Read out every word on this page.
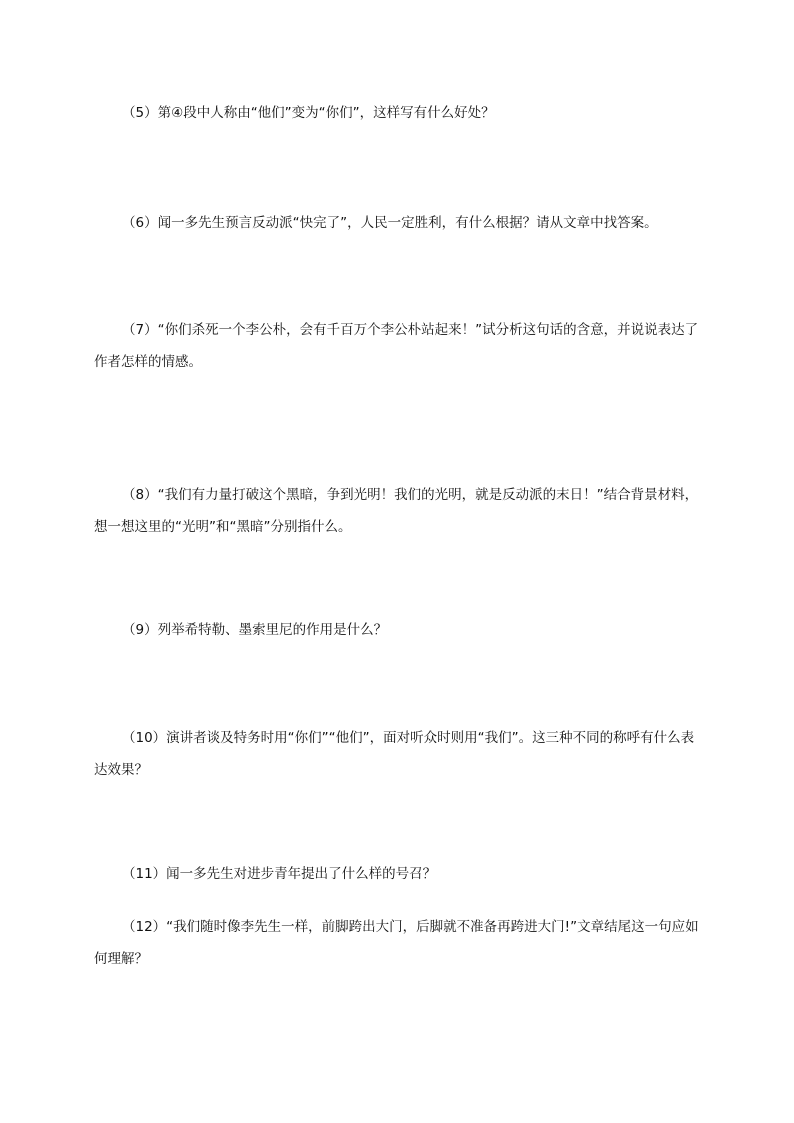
（5）第④段中人称由“他们”变为“你们”，这样写有什么好处？

（6）闻一多先生预言反动派“快完了”，人民一定胜利，有什么根据？请从文章中找答案。

（7）“你们杀死一个李公朴，会有千百万个李公朴站起来！”试分析这句话的含意，并说说表达了作者怎样的情感。

（8）“我们有力量打破这个黑暗，争到光明！我们的光明，就是反动派的末日！”结合背景材料，想一想这里的“光明”和“黑暗”分别指什么。

（9）列举希特勒、墨索里尼的作用是什么？

（10）演讲者谈及特务时用“你们”“他们”，面对听众时则用“我们”。这三种不同的称呼有什么表达效果？

（11）闻一多先生对进步青年提出了什么样的号召？

（12）“我们随时像李先生一样，前脚跨出大门，后脚就不准备再跨进大门!”文章结尾这一句应如何理解？
